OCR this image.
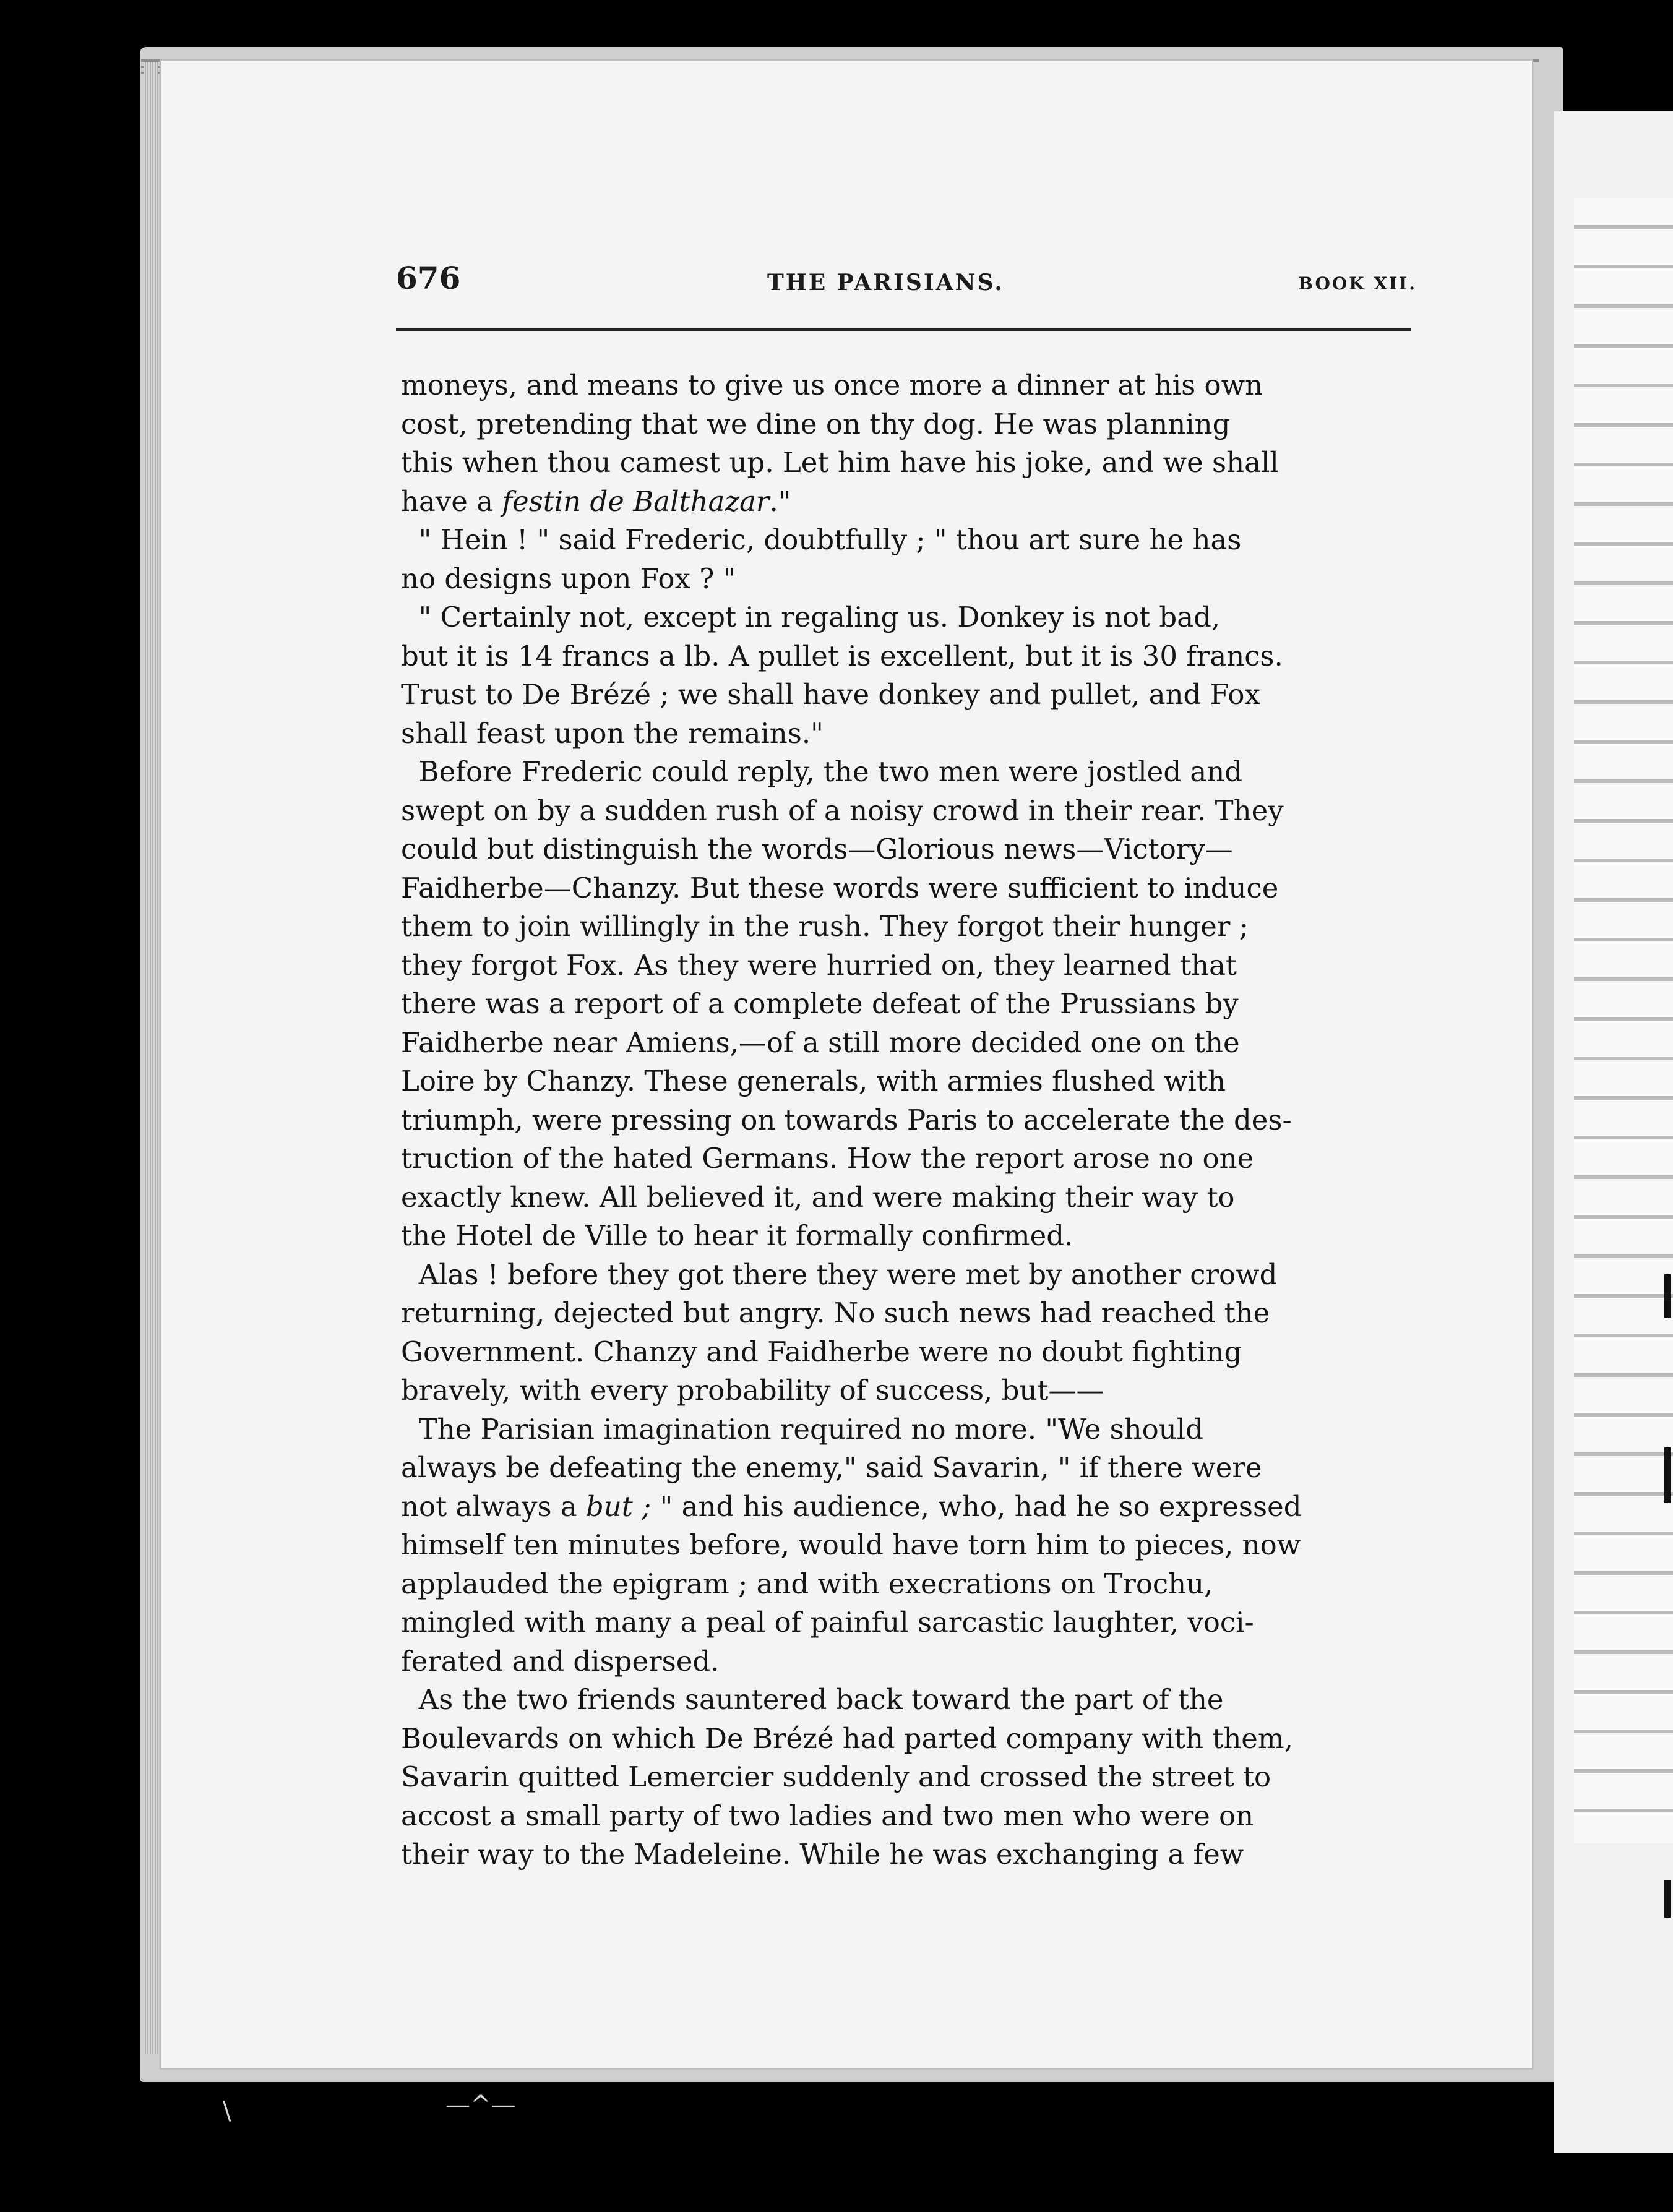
676	THE PARISIANS.	BOOK XII.
moneys, and means to give us once more a dinner at his own
cost, pretending that we dine on thy dog. He was planning
this when thou camest up. Let him have his joke, and we shall
have a festin de Balthazar."
" Hein ! " said Frederic, doubtfully ; " thou art sure he has
no designs upon Fox ? "
" Certainly not, except in regaling us. Donkey is not bad,
but it is 14 francs a lb. A pullet is excellent, but it is 30 francs.
Trust to De Brézé ; we shall have donkey and pullet, and Fox
shall feast upon the remains."
Before Frederic could reply, the two men were jostled and
swept on by a sudden rush of a noisy crowd in their rear. They
could but distinguish the words—Glorious news—Victory—
Faidherbe—Chanzy. But these words were sufficient to induce
them to join willingly in the rush. They forgot their hunger ;
they forgot Fox. As they were hurried on, they learned that
there was a report of a complete defeat of the Prussians by
Faidherbe near Amiens,—of a still more decided one on the
Loire by Chanzy. These generals, with armies flushed with
triumph, were pressing on towards Paris to accelerate the des-
truction of the hated Germans. How the report arose no one
exactly knew. All believed it, and were making their way to
the Hotel de Ville to hear it formally confirmed.
Alas ! before they got there they were met by another crowd
returning, dejected but angry. No such news had reached the
Government. Chanzy and Faidherbe were no doubt fighting
bravely, with every probability of success, but——
The Parisian imagination required no more. "We should
always be defeating the enemy," said Savarin, " if there were
not always a but ; " and his audience, who, had he so expressed
himself ten minutes before, would have torn him to pieces, now
applauded the epigram ; and with execrations on Trochu,
mingled with many a peal of painful sarcastic laughter, voci-
ferated and dispersed.
As the two friends sauntered back toward the part of the
Boulevards on which De Brézé had parted company with them,
Savarin quitted Lemercier suddenly and crossed the street to
accost a small party of two ladies and two men who were on
their way to the Madeleine. While he was exchanging a few
\	—^—
